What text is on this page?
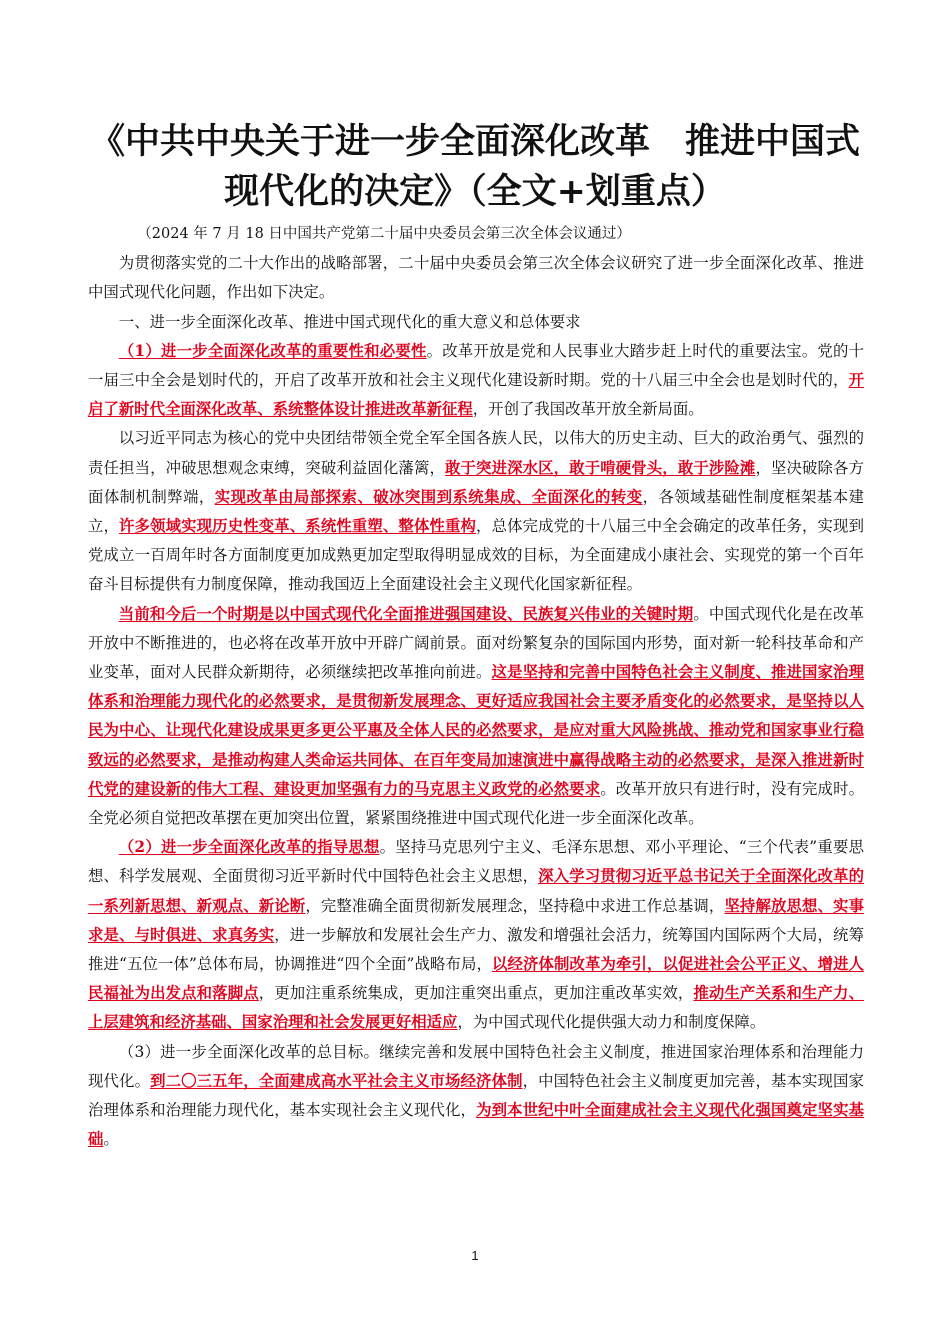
《中共中央关于进一步全面深化改革　推进中国式
现代化的决定》（全文+划重点）

（2024 年 7 月 18 日中国共产党第二十届中央委员会第三次全体会议通过）

为贯彻落实党的二十大作出的战略部署，二十届中央委员会第三次全体会议研究了进一步全面深化改革、推进中国式现代化问题，作出如下决定。

一、进一步全面深化改革、推进中国式现代化的重大意义和总体要求

（1）进一步全面深化改革的重要性和必要性。改革开放是党和人民事业大踏步赶上时代的重要法宝。党的十一届三中全会是划时代的，开启了改革开放和社会主义现代化建设新时期。党的十八届三中全会也是划时代的，开启了新时代全面深化改革、系统整体设计推进改革新征程，开创了我国改革开放全新局面。

以习近平同志为核心的党中央团结带领全党全军全国各族人民，以伟大的历史主动、巨大的政治勇气、强烈的责任担当，冲破思想观念束缚，突破利益固化藩篱，敢于突进深水区，敢于啃硬骨头，敢于涉险滩，坚决破除各方面体制机制弊端，实现改革由局部探索、破冰突围到系统集成、全面深化的转变，各领域基础性制度框架基本建立，许多领域实现历史性变革、系统性重塑、整体性重构，总体完成党的十八届三中全会确定的改革任务，实现到党成立一百周年时各方面制度更加成熟更加定型取得明显成效的目标，为全面建成小康社会、实现党的第一个百年奋斗目标提供有力制度保障，推动我国迈上全面建设社会主义现代化国家新征程。

当前和今后一个时期是以中国式现代化全面推进强国建设、民族复兴伟业的关键时期。中国式现代化是在改革开放中不断推进的，也必将在改革开放中开辟广阔前景。面对纷繁复杂的国际国内形势，面对新一轮科技革命和产业变革，面对人民群众新期待，必须继续把改革推向前进。这是坚持和完善中国特色社会主义制度、推进国家治理体系和治理能力现代化的必然要求，是贯彻新发展理念、更好适应我国社会主要矛盾变化的必然要求，是坚持以人民为中心、让现代化建设成果更多更公平惠及全体人民的必然要求，是应对重大风险挑战、推动党和国家事业行稳致远的必然要求，是推动构建人类命运共同体、在百年变局加速演进中赢得战略主动的必然要求，是深入推进新时代党的建设新的伟大工程、建设更加坚强有力的马克思主义政党的必然要求。改革开放只有进行时，没有完成时。全党必须自觉把改革摆在更加突出位置，紧紧围绕推进中国式现代化进一步全面深化改革。

（2）进一步全面深化改革的指导思想。坚持马克思列宁主义、毛泽东思想、邓小平理论、“三个代表”重要思想、科学发展观、全面贯彻习近平新时代中国特色社会主义思想，深入学习贯彻习近平总书记关于全面深化改革的一系列新思想、新观点、新论断，完整准确全面贯彻新发展理念，坚持稳中求进工作总基调，坚持解放思想、实事求是、与时俱进、求真务实，进一步解放和发展社会生产力、激发和增强社会活力，统筹国内国际两个大局，统筹推进“五位一体”总体布局，协调推进“四个全面”战略布局，以经济体制改革为牵引，以促进社会公平正义、增进人民福祉为出发点和落脚点，更加注重系统集成，更加注重突出重点，更加注重改革实效，推动生产关系和生产力、上层建筑和经济基础、国家治理和社会发展更好相适应，为中国式现代化提供强大动力和制度保障。

（3）进一步全面深化改革的总目标。继续完善和发展中国特色社会主义制度，推进国家治理体系和治理能力现代化。到二〇三五年，全面建成高水平社会主义市场经济体制，中国特色社会主义制度更加完善，基本实现国家治理体系和治理能力现代化，基本实现社会主义现代化，为到本世纪中叶全面建成社会主义现代化强国奠定坚实基础。

1
